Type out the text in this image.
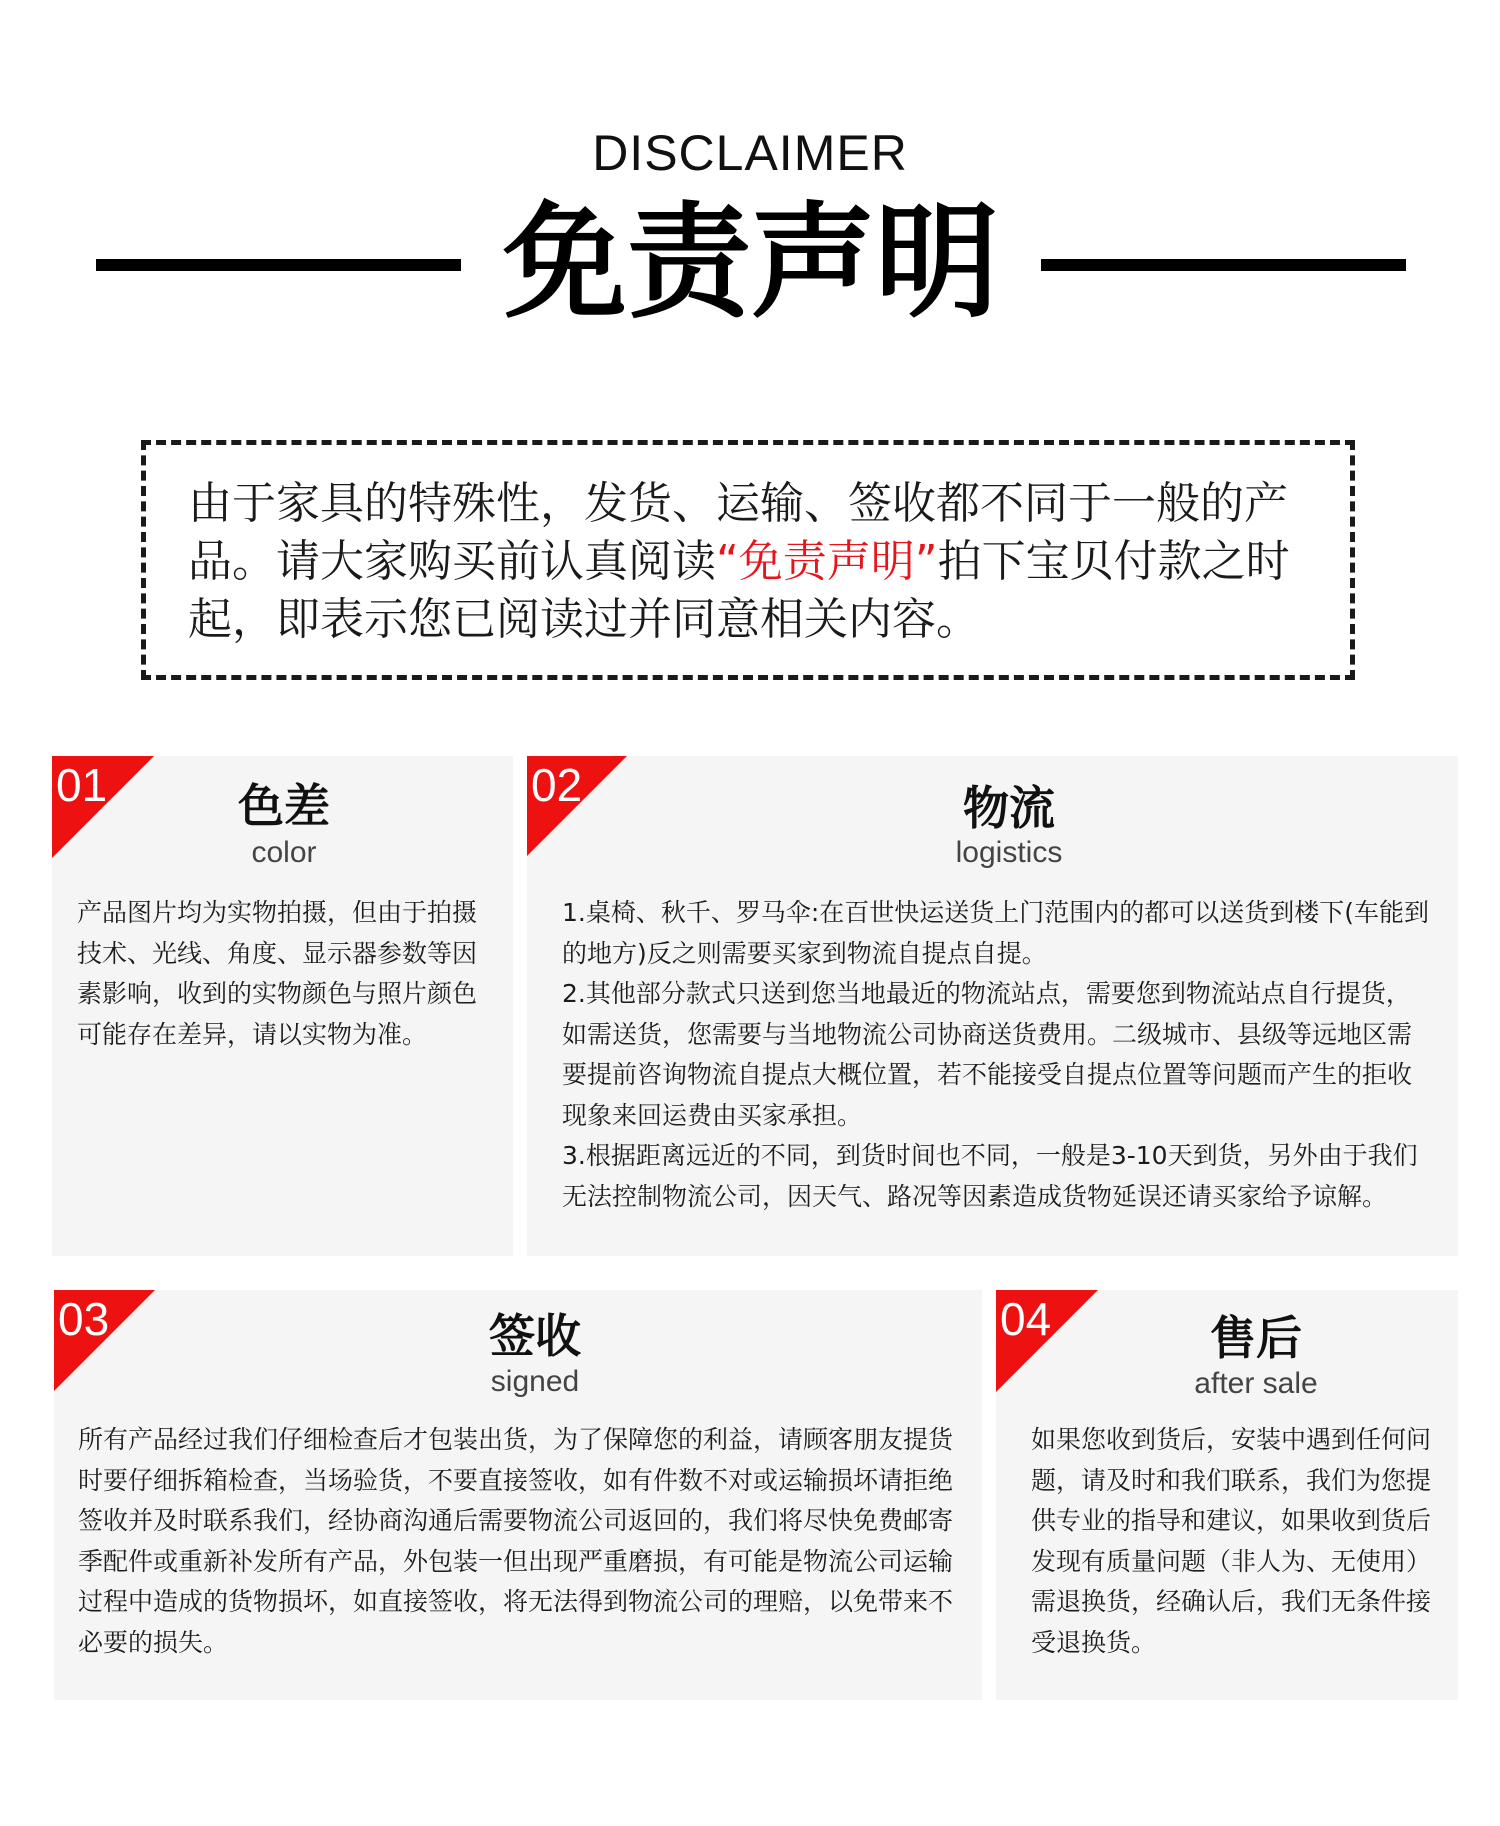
DISCLAIMER
免责声明
由于家具的特殊性，发货、运输、签收都不同于一般的产品。请大家购买前认真阅读“免责声明”拍下宝贝付款之时起，即表示您已阅读过并同意相关内容。
01	色差
color

产品图片均为实物拍摄，但由于拍摄技术、光线、角度、显示器参数等因素影响，收到的实物颜色与照片颜色可能存在差异，请以实物为准。

02	物流
logistics

1.桌椅、秋千、罗马伞:在百世快运送货上门范围内的都可以送货到楼下(车能到的地方)反之则需要买家到物流自提点自提。

2.其他部分款式只送到您当地最近的物流站点，需要您到物流站点自行提货，如需送货，您需要与当地物流公司协商送货费用。二级城市、县级等远地区需要提前咨询物流自提点大概位置，若不能接受自提点位置等问题而产生的拒收现象来回运费由买家承担。

3.根据距离远近的不同，到货时间也不同，一般是3-10天到货，另外由于我们无法控制物流公司，因天气、路况等因素造成货物延误还请买家给予谅解。

03	签收
signed

所有产品经过我们仔细检查后才包装出货，为了保障您的利益，请顾客朋友提货时要仔细拆箱检查，当场验货，不要直接签收，如有件数不对或运输损坏请拒绝签收并及时联系我们，经协商沟通后需要物流公司返回的，我们将尽快免费邮寄季配件或重新补发所有产品，外包装一但出现严重磨损，有可能是物流公司运输过程中造成的货物损坏，如直接签收，将无法得到物流公司的理赔，以免带来不必要的损失。

04	售后
after sale

如果您收到货后，安装中遇到任何问题，请及时和我们联系，我们为您提供专业的指导和建议，如果收到货后发现有质量问题（非人为、无使用）需退换货，经确认后，我们无条件接受退换货。
